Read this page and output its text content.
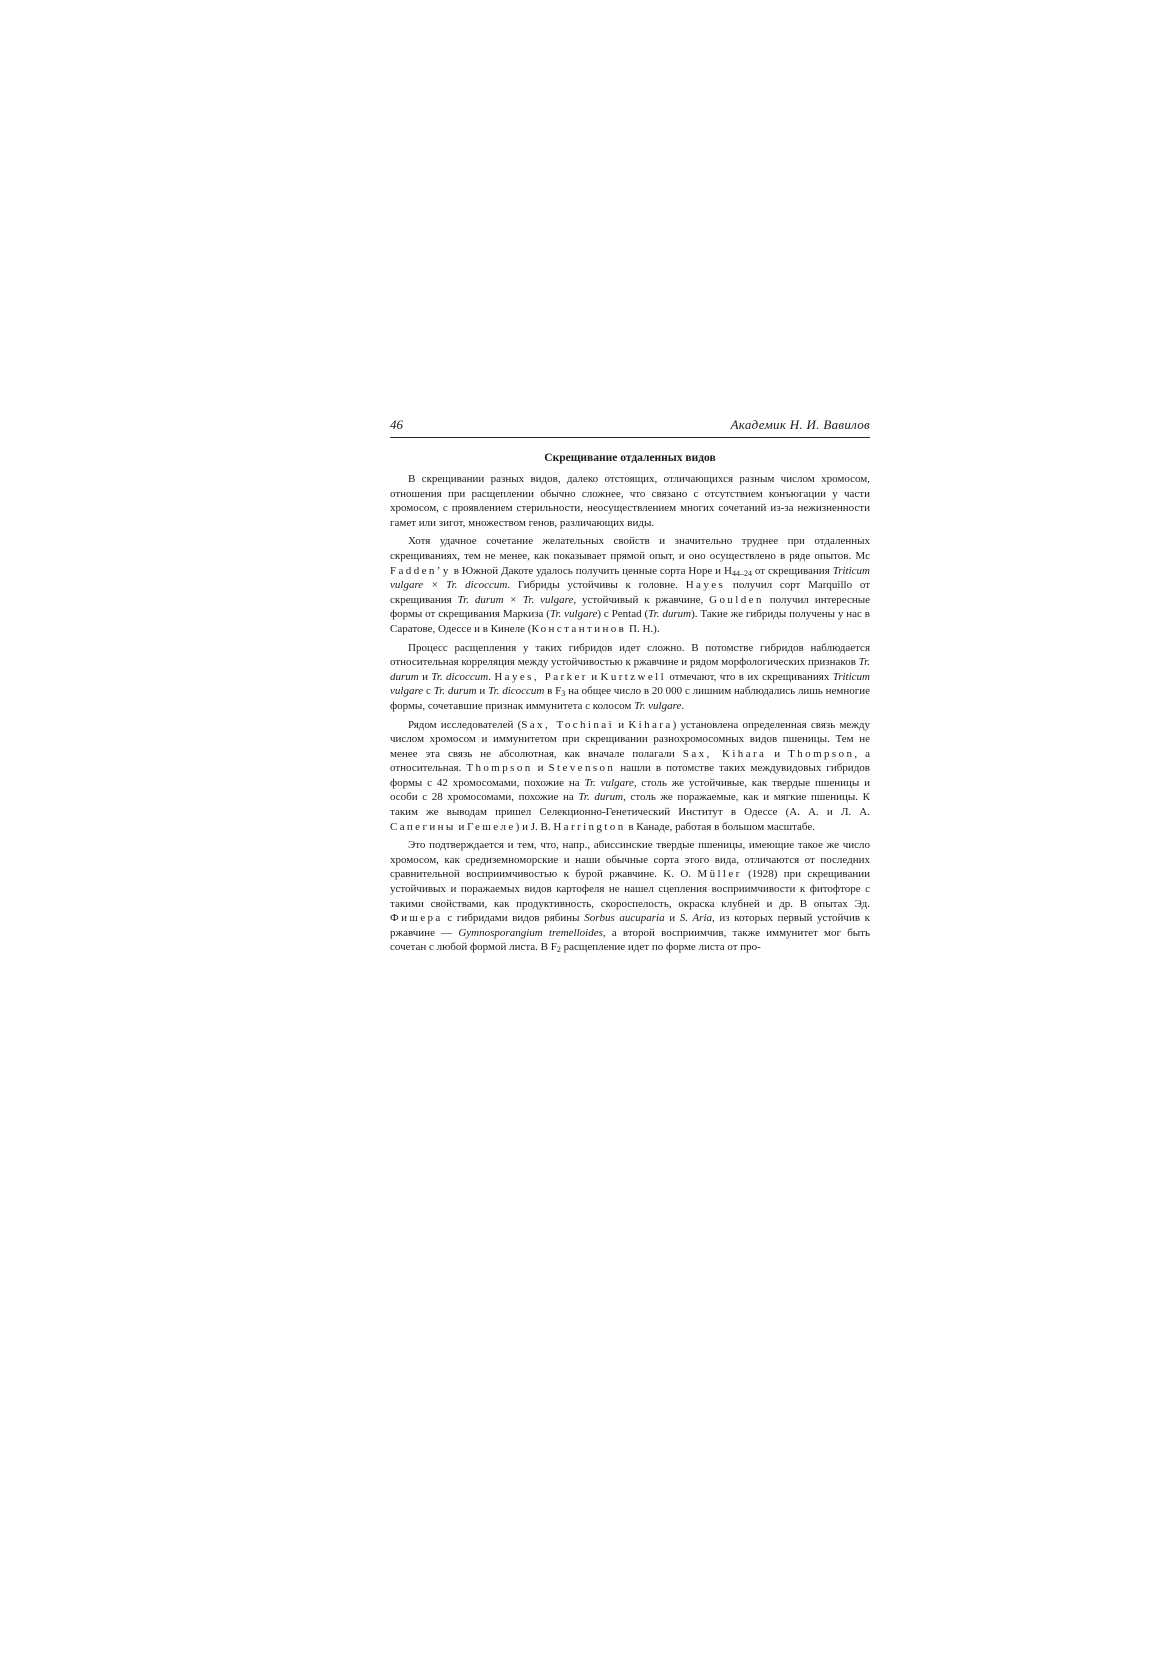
46	Академик Н. И. Вавилов
Скрещивание отдаленных видов

В скрещивании разных видов, далеко отстоящих, отличающихся разным числом хромосом, отношения при расщеплении обычно сложнее, что связано с отсутствием конъюгации у части хромосом, с проявлением стерильности, неосуществлением многих сочетаний из-за нежизненности гамет или зигот, множеством генов, различающих виды.

Хотя удачное сочетание желательных свойств и значительно труднее при отдаленных скрещиваниях, тем не менее, как показывает прямой опыт, и оно осуществлено в ряде опытов. Mc Fadden’у в Южной Дакоте удалось получить ценные сорта Hope и $H_{44-24}$ от скрещивания Triticum vulgare × Tr. dicoccum. Гибриды устойчивы к головне. Hayes получил сорт Marquillo от скрещивания Tr. durum × Tr. vulgare, устойчивый к ржавчине, Goulden получил интересные формы от скрещивания Маркиза (Tr. vulgare) с Pentad (Tr. durum). Такие же гибриды получены у нас в Саратове, Одессе и в Кинеле (Константинов П. Н.).

Процесс расщепления у таких гибридов идет сложно. В потомстве гибридов наблюдается относительная корреляция между устойчивостью к ржавчине и рядом морфологических признаков Tr. durum и Tr. dicoccum. Hayes, Parker и Kurtzwell отмечают, что в их скрещиваниях Triticum vulgare с Tr. durum и Tr. dicoccum в $F_3$ на общее число в 20 000 с лишним наблюдались лишь немногие формы, сочетавшие признак иммунитета с колосом Tr. vulgare.

Рядом исследователей (Sax, Tochinai и Kihara) установлена определенная связь между числом хромосом и иммунитетом при скрещивании разнохромосомных видов пшеницы. Тем не менее эта связь не абсолютная, как вначале полагали Sax, Kihara и Thompson, а относительная. Thompson и Stevenson нашли в потомстве таких междувидовых гибридов формы с 42 хромосомами, похожие на Tr. vulgare, столь же устойчивые, как твердые пшеницы и особи с 28 хромосомами, похожие на Tr. durum, столь же поражаемые, как и мягкие пшеницы. К таким же выводам пришел Селекционно-Генетический Институт в Одессе (А. А. и Л. А. Сапегины и Гешеле) и J. B. Harrington в Канаде, работая в большом масштабе.

Это подтверждается и тем, что, напр., абиссинские твердые пшеницы, имеющие такое же число хромосом, как средиземноморские и наши обычные сорта этого вида, отличаются от последних сравнительной восприимчивостью к бурой ржавчине. K. O. Müller (1928) при скрещивании устойчивых и поражаемых видов картофеля не нашел сцепления восприимчивости к фитофторе с такими свойствами, как продуктивность, скороспелость, окраска клубней и др. В опытах Эд. Фишера с гибридами видов рябины Sorbus aucuparia и S. Aria, из которых первый устойчив к ржавчине — Gymnosporangium tremelloides, а второй восприимчив, также иммунитет мог быть сочетан с любой формой листа. В $F_2$ расщепление идет по форме листа от про-
